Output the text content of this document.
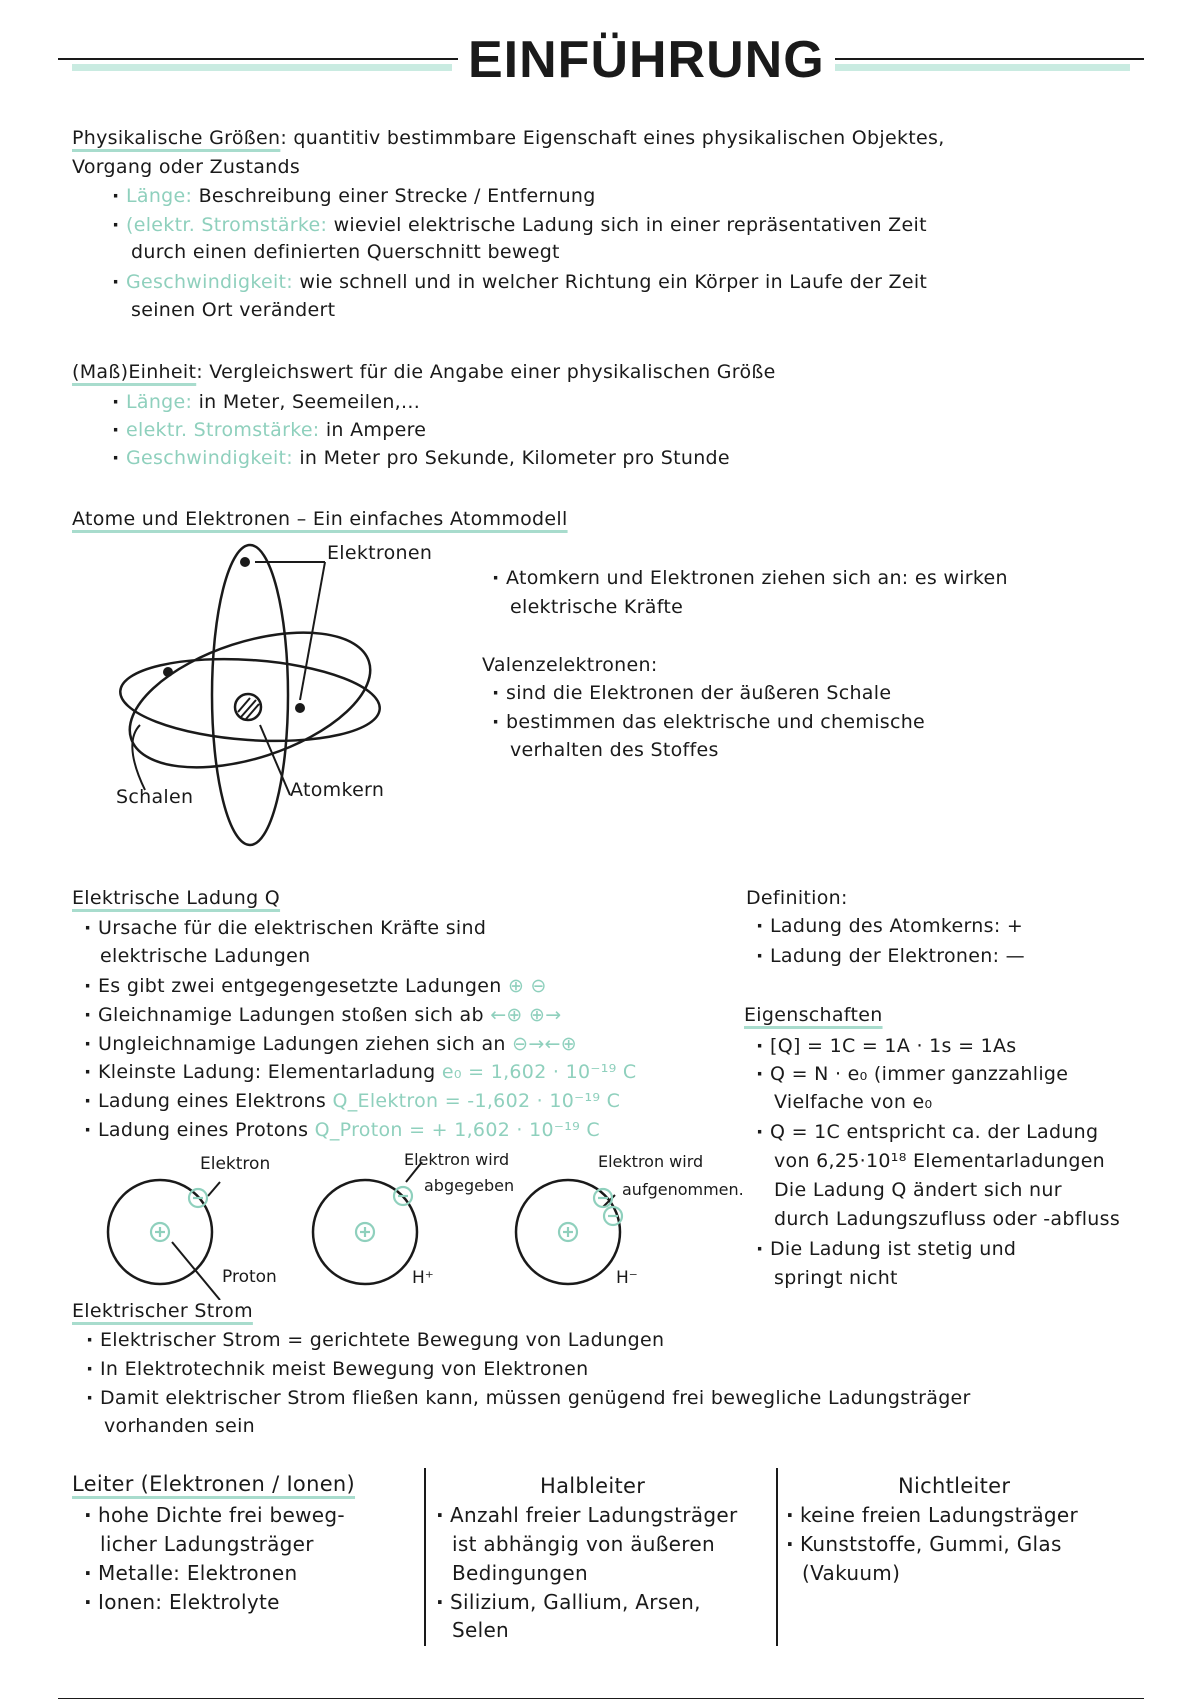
EINFÜHRUNG
Physikalische Größen: quantitiv bestimmbare Eigenschaft eines physikalischen Objektes,
Vorgang oder Zustands
· Länge: Beschreibung einer Strecke / Entfernung
· (elektr. Stromstärke: wieviel elektrische Ladung sich in einer repräsentativen Zeit
durch einen definierten Querschnitt bewegt
· Geschwindigkeit: wie schnell und in welcher Richtung ein Körper in Laufe der Zeit
seinen Ort verändert
(Maß)Einheit: Vergleichswert für die Angabe einer physikalischen Größe
· Länge: in Meter, Seemeilen,...
· elektr. Stromstärke: in Ampere
· Geschwindigkeit: in Meter pro Sekunde, Kilometer pro Stunde
Atome und Elektronen – Ein einfaches Atommodell
Elektronen
Schalen	Atomkern
· Atomkern und Elektronen ziehen sich an: es wirken
elektrische Kräfte
Valenzelektronen:
· sind die Elektronen der äußeren Schale
· bestimmen das elektrische und chemische
verhalten des Stoffes
Elektrische Ladung Q
· Ursache für die elektrischen Kräfte sind
elektrische Ladungen
· Es gibt zwei entgegengesetzte Ladungen ⊕ ⊖
· Gleichnamige Ladungen stoßen sich ab ←⊕ ⊕→
· Ungleichnamige Ladungen ziehen sich an ⊖→←⊕
· Kleinste Ladung: Elementarladung e₀ = 1,602 · 10⁻¹⁹ C
· Ladung eines Elektrons Q_Elektron = -1,602 · 10⁻¹⁹ C
· Ladung eines Protons Q_Proton = + 1,602 · 10⁻¹⁹ C
Elektron
Proton
Elektron wird
abgegeben
Elektron wird
aufgenommen.
H⁺	H⁻
Definition:
· Ladung des Atomkerns: +
· Ladung der Elektronen: —
Eigenschaften
· [Q] = 1C = 1A · 1s = 1As
· Q = N · e₀ (immer ganzzahlige
Vielfache von e₀
· Q = 1C entspricht ca. der Ladung
von 6,25·10¹⁸ Elementarladungen
Die Ladung Q ändert sich nur
durch Ladungszufluss oder -abfluss
· Die Ladung ist stetig und
springt nicht
Elektrischer Strom
· Elektrischer Strom = gerichtete Bewegung von Ladungen
· In Elektrotechnik meist Bewegung von Elektronen
· Damit elektrischer Strom fließen kann, müssen genügend frei bewegliche Ladungsträger
vorhanden sein
Leiter (Elektronen / Ionen)
· hohe Dichte frei beweg-
licher Ladungsträger
· Metalle: Elektronen
· Ionen: Elektrolyte
Halbleiter
· Anzahl freier Ladungsträger
ist abhängig von äußeren
Bedingungen
· Silizium, Gallium, Arsen,
Selen
Nichtleiter
· keine freien Ladungsträger
· Kunststoffe, Gummi, Glas
(Vakuum)
